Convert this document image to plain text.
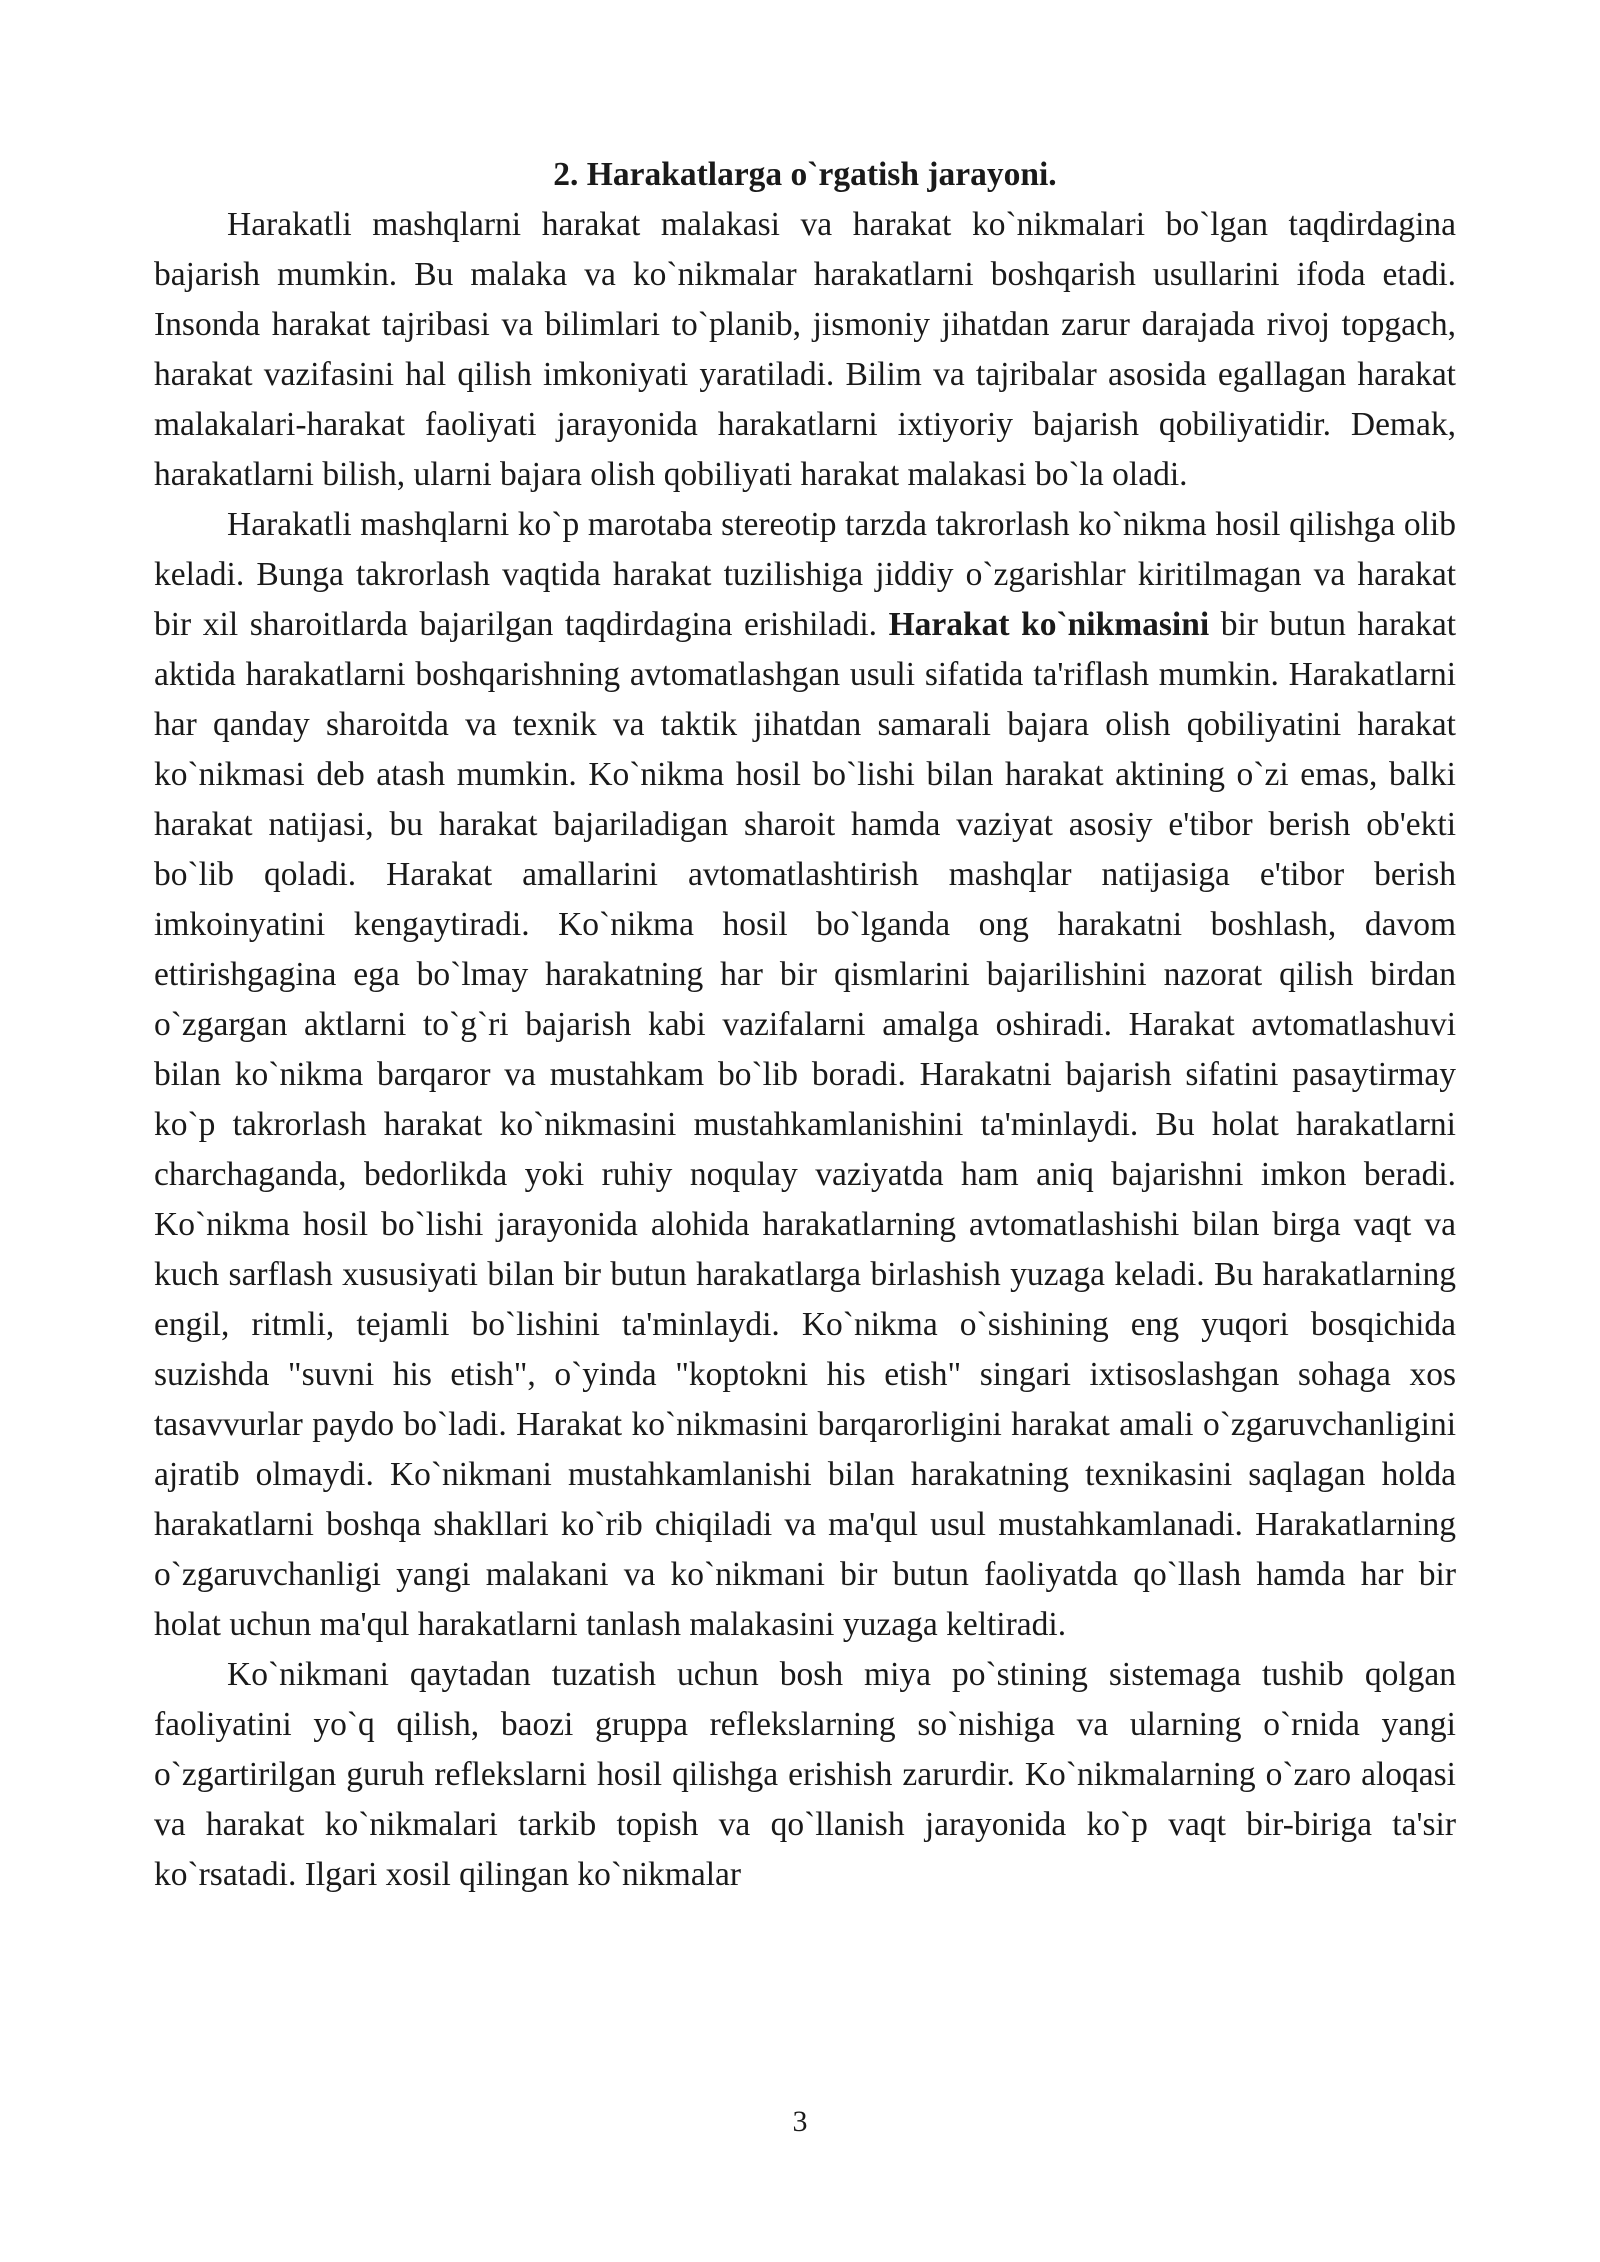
2. Harakatlarga o`rgatish jarayoni.

Harakatli mashqlarni harakat malakasi va harakat ko`nikmalari bo`lgan taqdirdagina bajarish mumkin. Bu malaka va ko`nikmalar harakatlarni boshqarish usullarini ifoda etadi. Insonda harakat tajribasi va bilimlari to`planib, jismoniy jihatdan zarur darajada rivoj topgach, harakat vazifasini hal qilish imkoniyati yaratiladi. Bilim va tajribalar asosida egallagan harakat malakalari-harakat faoliyati jarayonida harakatlarni ixtiyoriy bajarish qobiliyatidir. Demak, harakatlarni bilish, ularni bajara olish qobiliyati harakat malakasi bo`la oladi.

Harakatli mashqlarni ko`p marotaba stereotip tarzda takrorlash ko`nikma hosil qilishga olib keladi. Bunga takrorlash vaqtida harakat tuzilishiga jiddiy o`zgarishlar kiritilmagan va harakat bir xil sharoitlarda bajarilgan taqdirdagina erishiladi. Harakat ko`nikmasini bir butun harakat aktida harakatlarni boshqarishning avtomatlashgan usuli sifatida ta'riflash mumkin. Harakatlarni har qanday sharoitda va texnik va taktik jihatdan samarali bajara olish qobiliyatini harakat ko`nikmasi deb atash mumkin. Ko`nikma hosil bo`lishi bilan harakat aktining o`zi emas, balki harakat natijasi, bu harakat bajariladigan sharoit hamda vaziyat asosiy e'tibor berish ob'ekti bo`lib qoladi. Harakat amallarini avtomatlashtirish mashqlar natijasiga e'tibor berish imkoinyatini kengaytiradi. Ko`nikma hosil bo`lganda ong harakatni boshlash, davom ettirishgagina ega bo`lmay harakatning har bir qismlarini bajarilishini nazorat qilish birdan o`zgargan aktlarni to`g`ri bajarish kabi vazifalarni amalga oshiradi. Harakat avtomatlashuvi bilan ko`nikma barqaror va mustahkam bo`lib boradi. Harakatni bajarish sifatini pasaytirmay ko`p takrorlash harakat ko`nikmasini mustahkamlanishini ta'minlaydi. Bu holat harakatlarni charchaganda, bedorlikda yoki ruhiy noqulay vaziyatda ham aniq bajarishni imkon beradi. Ko`nikma hosil bo`lishi jarayonida alohida harakatlarning avtomatlashishi bilan birga vaqt va kuch sarflash xususiyati bilan bir butun harakatlarga birlashish yuzaga keladi. Bu harakatlarning engil, ritmli, tejamli bo`lishini ta'minlaydi. Ko`nikma o`sishining eng yuqori bosqichida suzishda "suvni his etish", o`yinda "koptokni his etish" singari ixtisoslashgan sohaga xos tasavvurlar paydo bo`ladi. Harakat ko`nikmasini barqarorligini harakat amali o`zgaruvchanligini ajratib olmaydi. Ko`nikmani mustahkamlanishi bilan harakatning texnikasini saqlagan holda harakatlarni boshqa shakllari ko`rib chiqiladi va ma'qul usul mustahkamlanadi. Harakatlarning o`zgaruvchanligi yangi malakani va ko`nikmani bir butun faoliyatda qo`llash hamda har bir holat uchun ma'qul harakatlarni tanlash malakasini yuzaga keltiradi.

Ko`nikmani qaytadan tuzatish uchun bosh miya po`stining sistemaga tushib qolgan faoliyatini yo`q qilish, baozi gruppa reflekslarning so`nishiga va ularning o`rnida yangi o`zgartirilgan guruh reflekslarni hosil qilishga erishish zarurdir. Ko`nikmalarning o`zaro aloqasi va harakat ko`nikmalari tarkib topish va qo`llanish jarayonida ko`p vaqt bir-biriga ta'sir ko`rsatadi. Ilgari xosil qilingan ko`nikmalar

3
